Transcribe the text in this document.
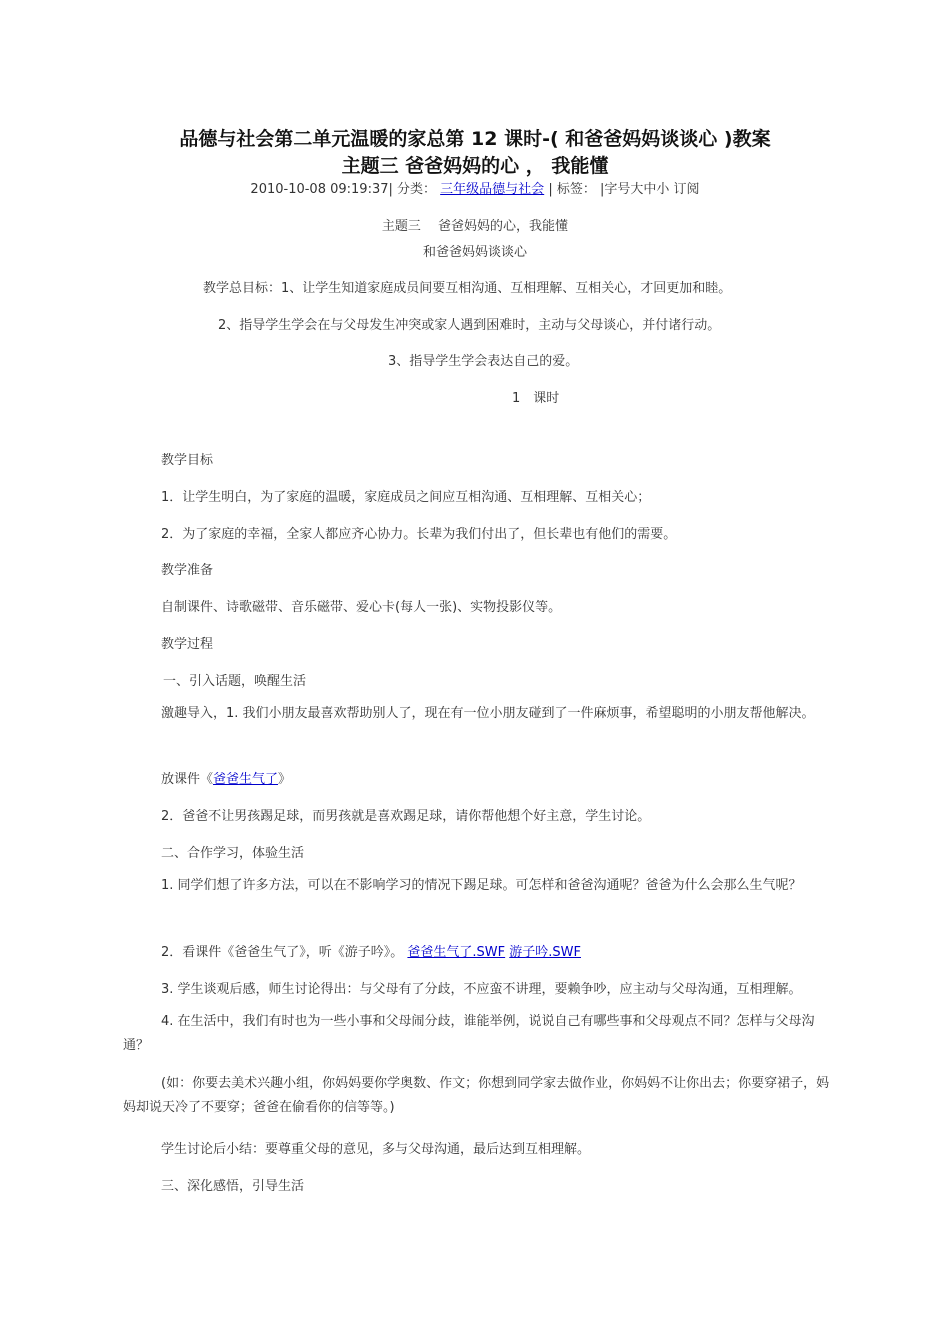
品德与社会第二单元温暖的家总第 12 课时-( 和爸爸妈妈谈谈心 )教案
主题三 爸爸妈妈的心 ， 我能懂
2010-10-08 09:19:37| 分类： 三年级品德与社会 | 标签： |字号大中小 订阅
主题三　 爸爸妈妈的心，我能懂
和爸爸妈妈谈谈心
教学总目标：1、让学生知道家庭成员间要互相沟通、互相理解、互相关心，才回更加和睦。
2、指导学生学会在与父母发生冲突或家人遇到困难时，主动与父母谈心，并付诸行动。
3、指导学生学会表达自己的爱。
1　课时
教学目标
1．让学生明白，为了家庭的温暖，家庭成员之间应互相沟通、互相理解、互相关心；
2．为了家庭的幸福，全家人都应齐心协力。长辈为我们付出了，但长辈也有他们的需要。
教学准备
自制课件、诗歌磁带、音乐磁带、爱心卡(每人一张)、实物投影仪等。
教学过程
一、引入话题，唤醒生活
激趣导入，1. 我们小朋友最喜欢帮助别人了，现在有一位小朋友碰到了一件麻烦事，希望聪明的小朋友帮他解决。
放课件《爸爸生气了》
2．爸爸不让男孩踢足球，而男孩就是喜欢踢足球，请你帮他想个好主意，学生讨论。
二、合作学习，体验生活
1. 同学们想了许多方法，可以在不影响学习的情况下踢足球。可怎样和爸爸沟通呢？爸爸为什么会那么生气呢？
2．看课件《爸爸生气了》，听《游子吟》。 爸爸生气了.SWF 游子吟.SWF
3. 学生谈观后感，师生讨论得出：与父母有了分歧，不应蛮不讲理，要赖争吵，应主动与父母沟通，互相理解。
4. 在生活中，我们有时也为一些小事和父母闹分歧，谁能举例，说说自己有哪些事和父母观点不同？怎样与父母沟通？
(如：你要去美术兴趣小组，你妈妈要你学奥数、作文；你想到同学家去做作业，你妈妈不让你出去；你要穿裙子，妈妈却说天冷了不要穿；爸爸在偷看你的信等等。)
学生讨论后小结：要尊重父母的意见，多与父母沟通，最后达到互相理解。
三、深化感悟，引导生活
